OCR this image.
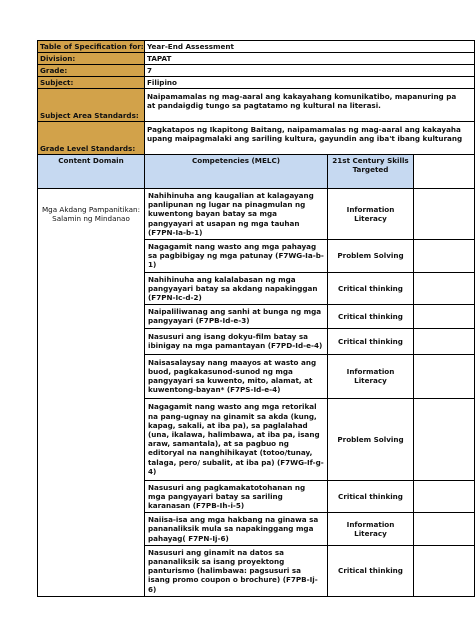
Table of Specification for:	Year-End Assessment		
Division:	TAPAT		
Grade:	7		
Subject:	Filipino		
Subject Area Standards:	Naipamamalas ng mag-aaral ang kakayahang komunikatibo, mapanuring pa
at pandaigdig tungo sa pagtatamo ng kultural na literasi.		

Grade Level Standards:	Pagkatapos ng Ikapitong Baitang, naipamamalas ng mag-aaral ang kakayaha
upang maipagmalaki ang sariling kultura, gayundin ang iba't ibang kulturang		

Content Domain	Competencies (MELC)	21st Century Skills Targeted	
Mga Akdang Pampanitikan: Salamin ng Mindanao	Nahihinuha ang kaugalian at kalagayang panlipunan ng lugar na pinagmulan ng kuwentong bayan batay sa mga pangyayari at usapan ng mga tauhan (F7PN-Ia-b-1)	Information Literacy	
	Nagagamit nang wasto ang mga pahayag sa pagbibigay ng mga patunay (F7WG-Ia-b-1)	Problem Solving	
	Nahihinuha ang kalalabasan ng mga pangyayari batay sa akdang napakinggan (F7PN-Ic-d-2)	Critical thinking	
	Naipaliliwanag ang sanhi at bunga ng mga pangyayari (F7PB-Id-e-3)	Critical thinking	
	Nasusuri ang isang dokyu-film batay sa ibinigay na mga pamantayan (F7PD-Id-e-4)	Critical thinking	
	Naisasalaysay nang maayos at wasto ang buod, pagkakasunod-sunod ng mga pangyayari sa kuwento, mito, alamat, at kuwentong-bayan* (F7PS-Id-e-4)	Information Literacy	
	Nagagamit nang wasto ang mga retorikal na pang-ugnay na ginamit sa akda (kung, kapag, sakali, at iba pa), sa paglalahad (una, ikalawa, halimbawa, at iba pa, isang araw, samantala), at sa pagbuo ng editoryal na nanghihikayat (totoo/tunay, talaga, pero/ subalit, at iba pa) (F7WG-If-g-4)	Problem Solving	
	Nasusuri ang pagkamakatotohanan ng mga pangyayari batay sa sariling karanasan (F7PB-Ih-i-5)	Critical thinking	
	Naiisa-isa ang mga hakbang na ginawa sa pananaliksik mula sa napakinggang mga pahayag( F7PN-Ij-6)	Information Literacy	
	Nasusuri ang ginamit na datos sa pananaliksik sa isang proyektong panturismo (halimbawa: pagsusuri sa isang promo coupon o brochure) (F7PB-Ij-6)	Critical thinking	
